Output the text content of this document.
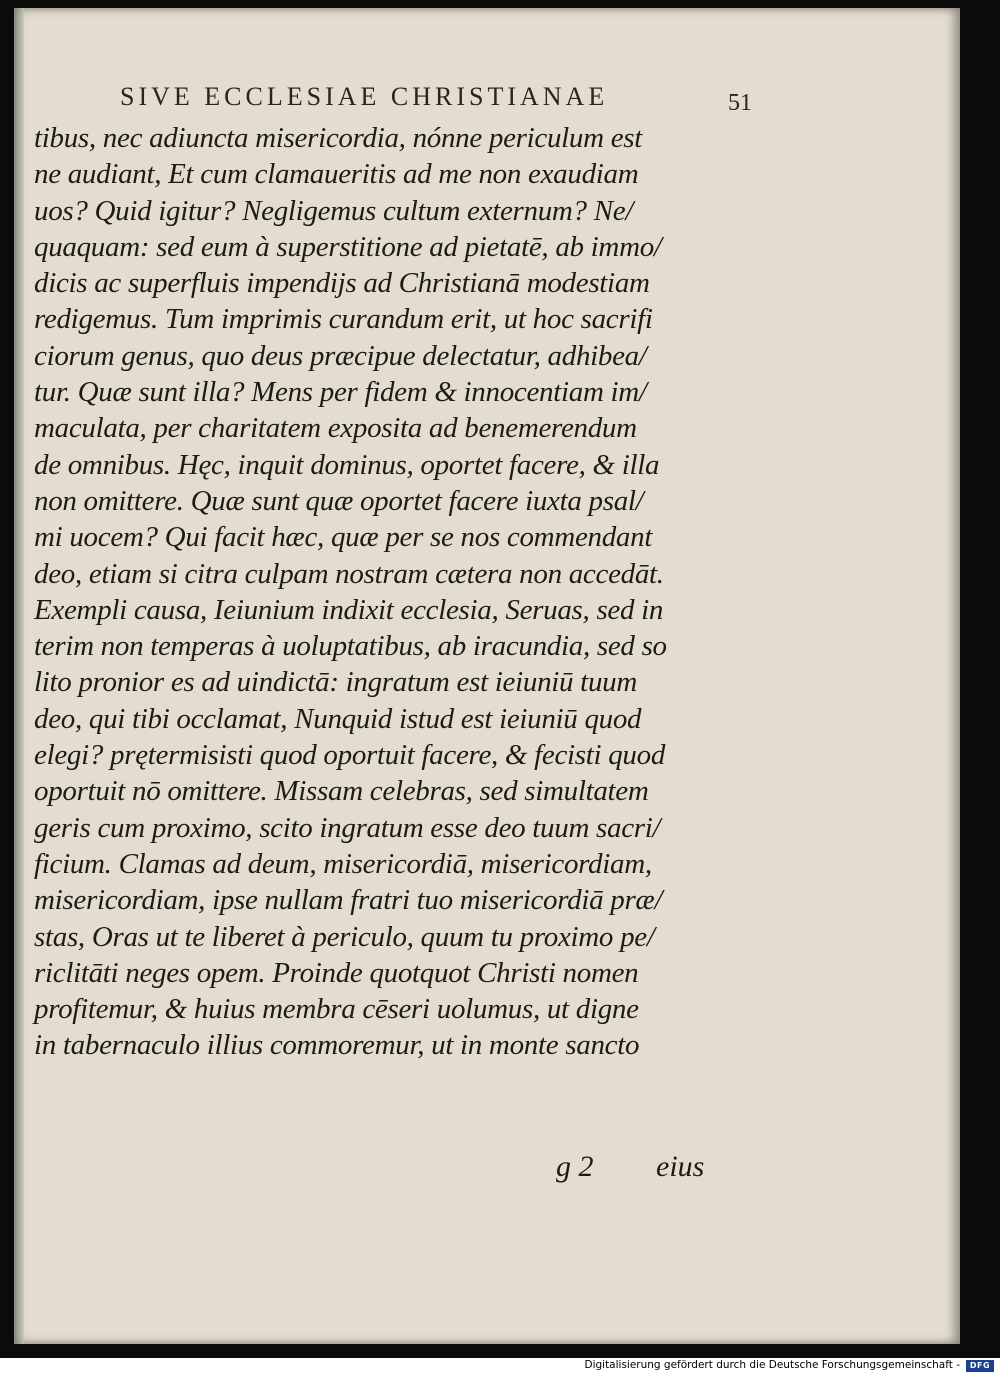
SIVE ECCLESIAE CHRISTIANAE	51
tibus, nec adiuncta misericordia, nónne periculum est
ne audiant, Et cum clamaueritis ad me non exaudiam
uos? Quid igitur? Negligemus cultum externum? Ne/
quaquam: sed eum à superstitione ad pietatē, ab immo/
dicis ac superfluis impendijs ad Christianā modestiam
redigemus. Tum imprimis curandum erit, ut hoc sacrifi
ciorum genus, quo deus præcipue delectatur, adhibea/
tur. Quæ sunt illa? Mens per fidem & innocentiam im/
maculata, per charitatem exposita ad benemerendum
de omnibus. Hęc, inquit dominus, oportet facere, & illa
non omittere. Quæ sunt quæ oportet facere iuxta psal/
mi uocem? Qui facit hæc, quæ per se nos commendant
deo, etiam si citra culpam nostram cætera non accedāt.
Exempli causa, Ieiunium indixit ecclesia, Seruas, sed in
terim non temperas à uoluptatibus, ab iracundia, sed so
lito pronior es ad uindictā: ingratum est ieiuniū tuum
deo, qui tibi occlamat, Nunquid istud est ieiuniū quod
elegi? prętermisisti quod oportuit facere, & fecisti quod
oportuit nō omittere. Missam celebras, sed simultatem
geris cum proximo, scito ingratum esse deo tuum sacri/
ficium. Clamas ad deum, misericordiā, misericordiam,
misericordiam, ipse nullam fratri tuo misericordiā præ/
stas, Oras ut te liberet à periculo, quum tu proximo pe/
riclitāti neges opem. Proinde quotquot Christi nomen
profitemur, & huius membra cēseri uolumus, ut digne
in tabernaculo illius commoremur, ut in monte sancto
g 2 eius
Digitalisierung gefördert durch die Deutsche Forschungsgemeinschaft -	DFG
